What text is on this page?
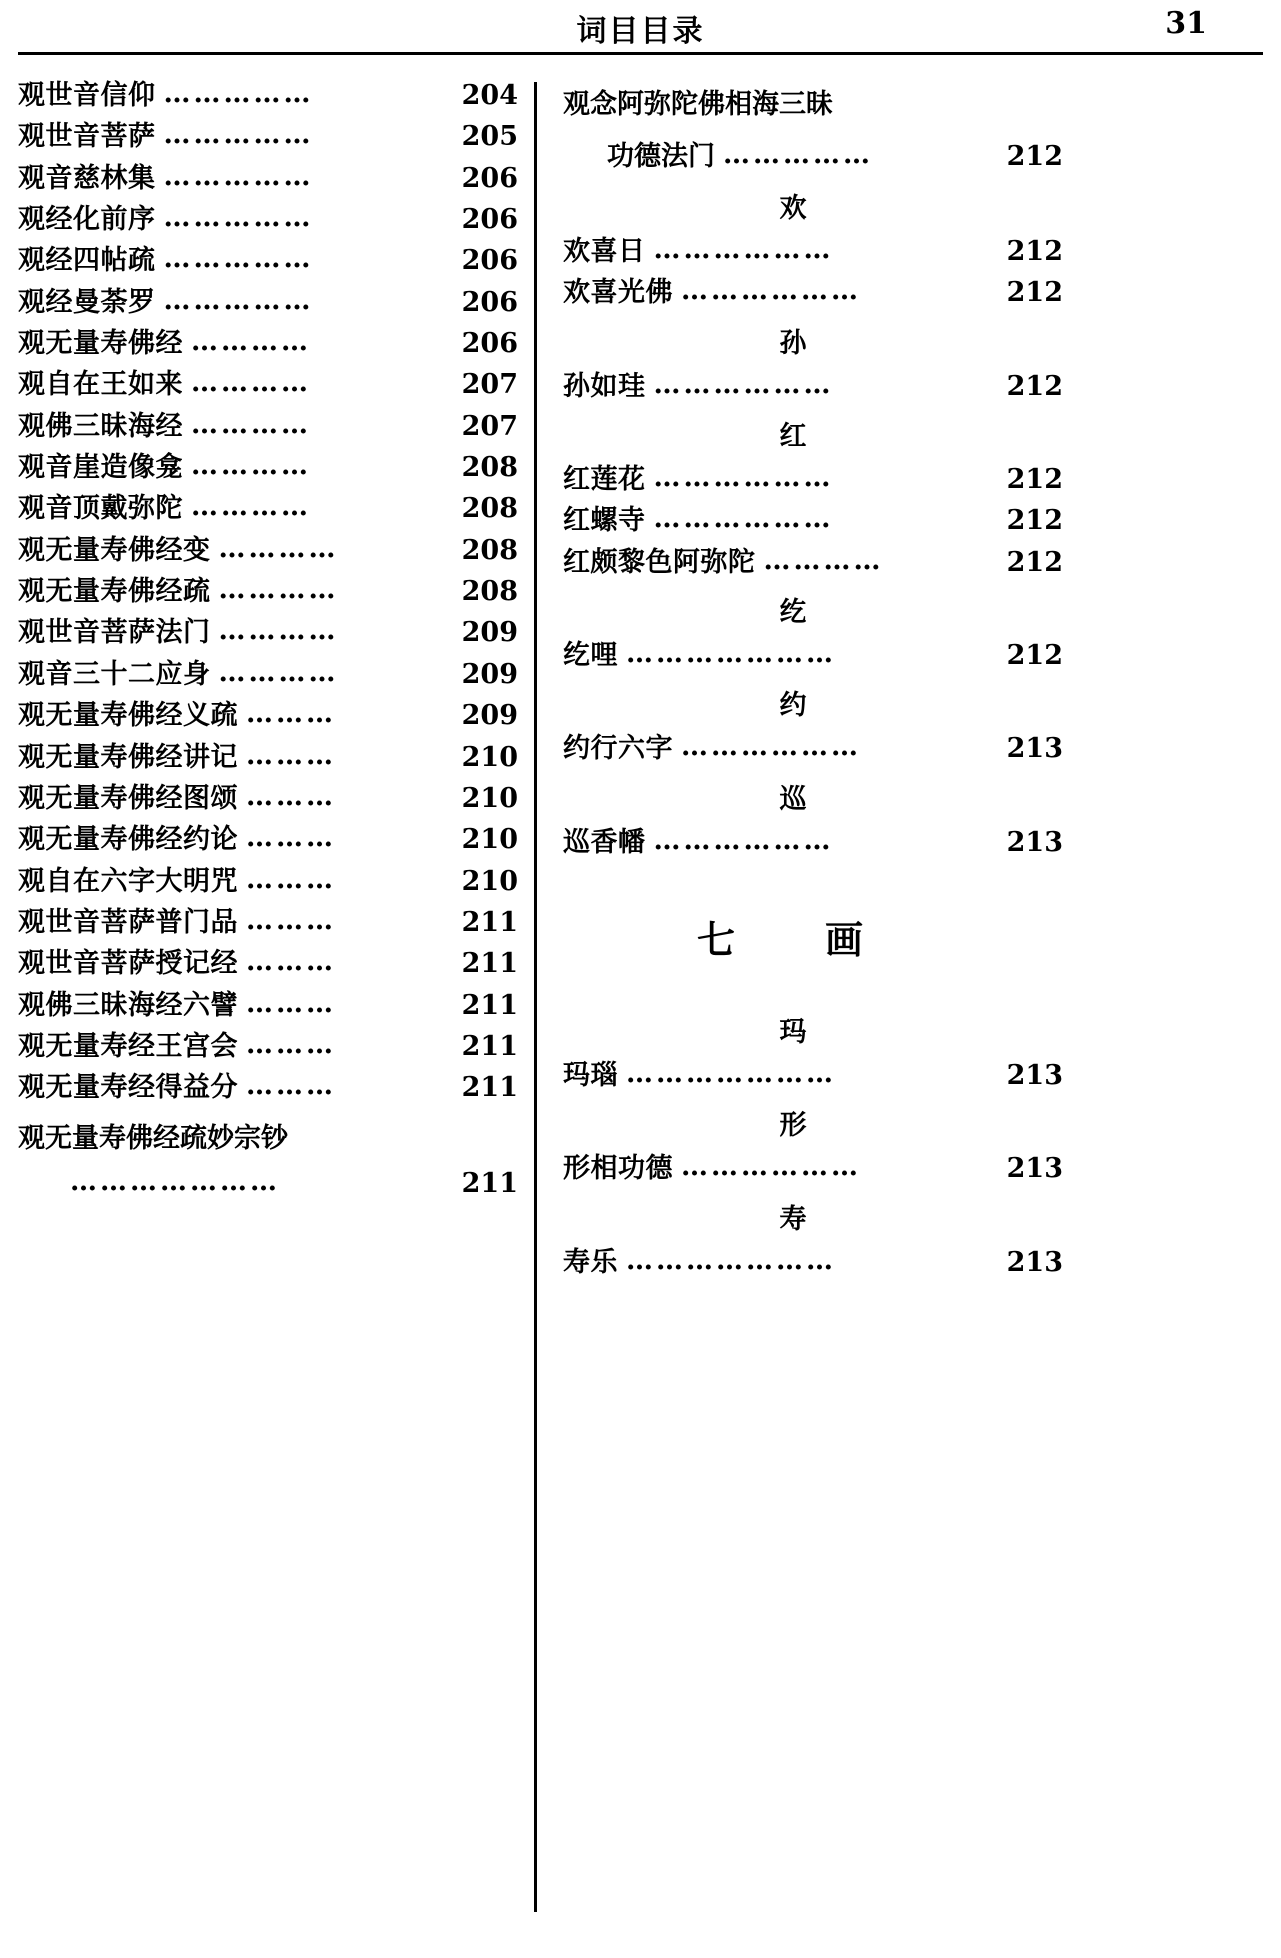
词目目录	31
观世音信仰 ……………	204
观世音菩萨 ……………	205
观音慈林集 ……………	206
观经化前序 ……………	206
观经四帖疏 ……………	206
观经曼荼罗 ……………	206
观无量寿佛经 …………	206
观自在王如来 …………	207
观佛三昧海经 …………	207
观音崖造像龛 …………	208
观音顶戴弥陀 …………	208
观无量寿佛经变 …………	208
观无量寿佛经疏 …………	208
观世音菩萨法门 …………	209
观音三十二应身 …………	209
观无量寿佛经义疏 ………	209
观无量寿佛经讲记 ………	210
观无量寿佛经图颂 ………	210
观无量寿佛经约论 ………	210
观自在六字大明咒 ………	210
观世音菩萨普门品 ………	211
观世音菩萨授记经 ………	211
观佛三昧海经六譬 ………	211
观无量寿经王宫会 ………	211
观无量寿经得益分 ………	211
观无量寿佛经疏妙宗钞
…………………	211
观念阿弥陀佛相海三昧
功德法门 ……………	212
欢
欢喜日 ………………	212
欢喜光佛 ………………	212
孙
孙如珪 ………………	212
红
红莲花 ………………	212
红螺寺 ………………	212
红颇黎色阿弥陀 …………	212
纥
纥哩 …………………	212
约
约行六字 ………………	213
巡
巡香幡 ………………	213
七　画
玛
玛瑙 …………………	213
形
形相功德 ………………	213
寿
寿乐 …………………	213
